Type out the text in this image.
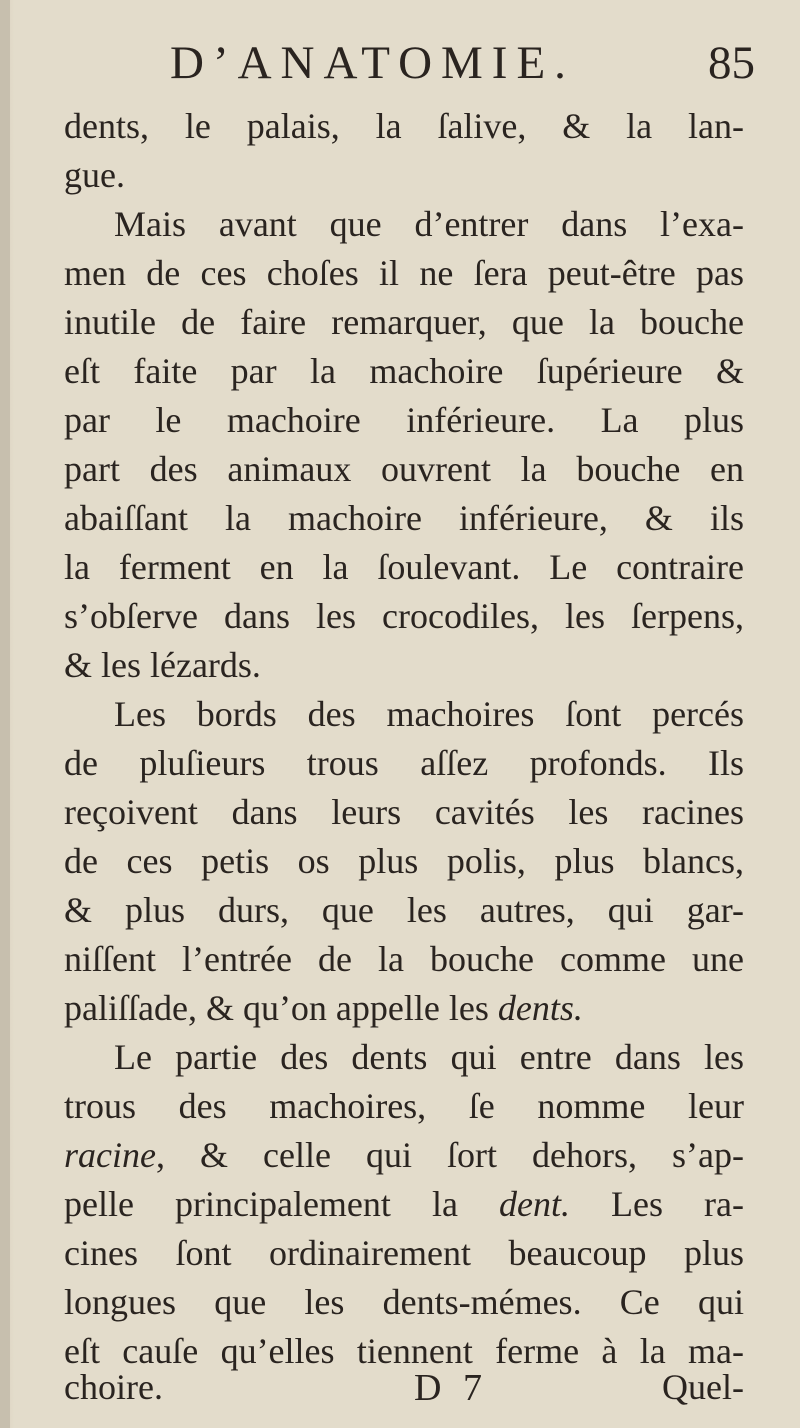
D’ANATOMIE.	85
dents, le palais, la ſalive, & la lan-
gue.
Mais avant que d’entrer dans l’exa-
men de ces choſes il ne ſera peut-être pas
inutile de faire remarquer, que la bouche
eſt faite par la machoire ſupérieure &
par le machoire inférieure. La plus
part des animaux ouvrent la bouche en
abaiſſant la machoire inférieure, & ils
la ferment en la ſoulevant. Le contraire
s’obſerve dans les crocodiles, les ſerpens,
& les lézards.
Les bords des machoires ſont percés
de pluſieurs trous aſſez profonds. Ils
reçoivent dans leurs cavités les racines
de ces petis os plus polis, plus blancs,
& plus durs, que les autres, qui gar-
niſſent l’entrée de la bouche comme une
paliſſade, & qu’on appelle les dents.
Le partie des dents qui entre dans les
trous des machoires, ſe nomme leur
racine, & celle qui ſort dehors, s’ap-
pelle principalement la dent. Les ra-
cines ſont ordinairement beaucoup plus
longues que les dents-mémes. Ce qui
eſt cauſe qu’elles tiennent ferme à la ma-
choire.	D 7	Quel-
